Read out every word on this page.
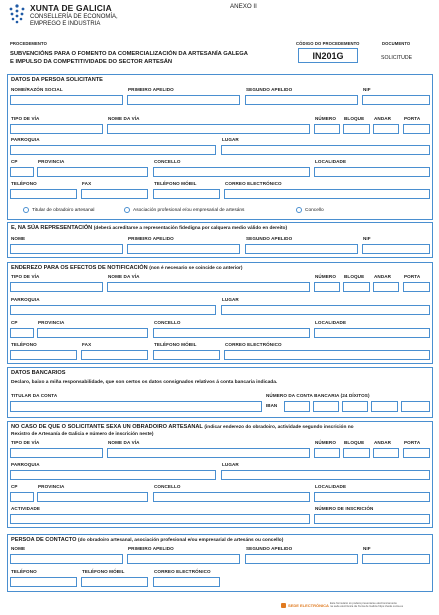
XUNTA DE GALICIA
CONSELLERÍA DE ECONOMÍA,
EMPREGO E INDUSTRIA
ANEXO II
PROCEDEMENTO	CÓDIGO DO PROCEDEMENTO	DOCUMENTO
SUBVENCIÓNS PARA O FOMENTO DA COMERCIALIZACIÓN DA ARTESANÍA GALEGA
E IMPULSO DA COMPETITIVIDADE DO SECTOR ARTESÁN
IN201G	SOLICITUDE
DATOS DA PERSOA SOLICITANTE
NOME/RAZÓN SOCIAL	PRIMEIRO APELIDO	SEGUNDO APELIDO	NIF
TIPO DE VÍA	NOME DA VÍA	NÚMERO BLOQUE ANDAR	PORTA
PARROQUIA	LUGAR
CP	PROVINCIA	CONCELLO	LOCALIDADE
TELÉFONO	FAX	TELÉFONO MÓBIL	CORREO ELECTRÓNICO
Titular de obradoiro artesanal	Asociación profesional e/ou empresarial de artesáns	Concello
E, NA SÚA REPRESENTACIÓN (deberá acreditarse a representación fidedigna por calquera medio válido en dereito)
NOME	PRIMEIRO APELIDO	SEGUNDO APELIDO	NIF
ENDEREZO PARA OS EFECTOS DE NOTIFICACIÓN (non é necesario se coincide co anterior)
TIPO DE VÍA	NOME DA VÍA	NÚMERO BLOQUE ANDAR	PORTA
PARROQUIA	LUGAR
CP	PROVINCIA	CONCELLO	LOCALIDADE
TELÉFONO	FAX	TELÉFONO MÓBIL	CORREO ELECTRÓNICO
DATOS BANCARIOS
Declaro, baixo a miña responsabilidade, que son certos os datos consignados relativos á conta bancaria indicada.
TITULAR DA CONTA	NÚMERO DA CONTA BANCARIA (24 DÍXITOS)
IBAN
NO CASO DE QUE O SOLICITANTE SEXA UN OBRADOIRO ARTESANAL (indicar enderezo do obradoiro, actividade segundo inscrición no
Rexistro de Artesanía de Galicia e número de inscrición neste)
TIPO DE VÍA	NOME DA VÍA	NÚMERO BLOQUE ANDAR	PORTA
PARROQUIA	LUGAR
CP	PROVINCIA	CONCELLO	LOCALIDADE
ACTIVIDADE	NÚMERO DE INSCRICIÓN
PERSOA DE CONTACTO (do obradoiro artesanal, asociación profesional e/ou empresarial de artesáns ou concello)
NOME	PRIMEIRO APELIDO	SEGUNDO APELIDO	NIF
TELÉFONO	TELÉFONO MÓBIL	CORREO ELECTRÓNICO
SEDE ELECTRÓNICA Este formulario só poderá presentarse electronicamente
na sede electrónica da Xunta de Galicia https://sede.xunta.es
